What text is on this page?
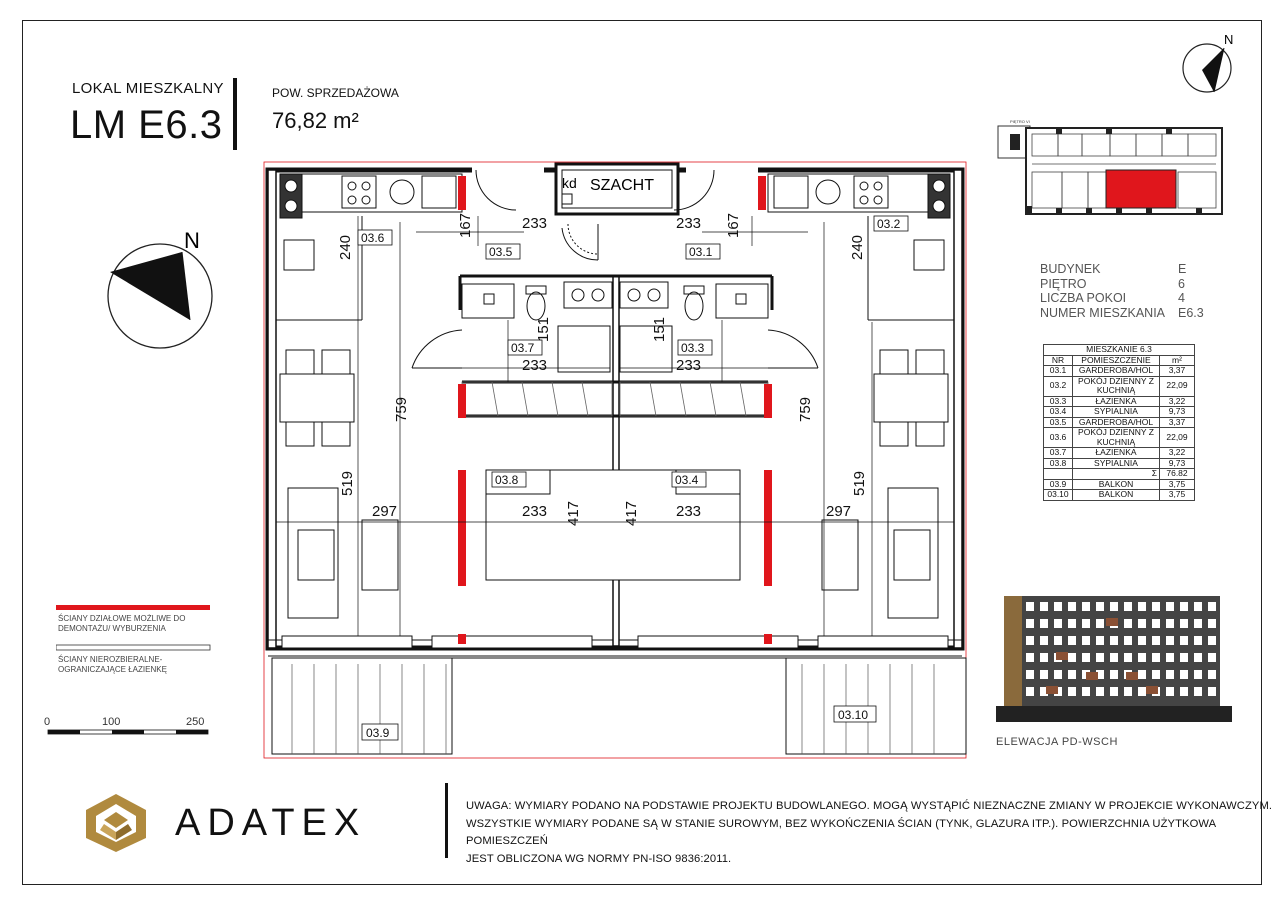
LOKAL MIESZKALNY
LM E6.3
POW. SPRZEDAŻOWA
76,82 m²
N
PIĘTRO VI
BUDYNEK	E
PIĘTRO	6
LICZBA POKOI	4
NUMER MIESZKANIA	E6.3
MIESZKANIE 6.3		
NR	POMIESZCZENIE	m²
03.1	GARDEROBA/HOL	3,37
03.2	POKÓJ DZIENNY Z KUCHNIĄ	22,09
03.3	ŁAZIENKA	3,22
03.4	SYPIALNIA	9,73
03.5	GARDEROBA/HOL	3,37
03.6	POKÓJ DZIENNY Z KUCHNIĄ	22,09
03.7	ŁAZIENKA	3,22
03.8	SYPIALNIA	9,73
	Σ	76.82
03.9	BALKON	3,75
03.10	BALKON	3,75
N
kd SZACHT
03.6
03.5	03.1
03.2
03.7	03.3
03.8	03.4
240
167	233	233 167
240
151	151
233	233
759	759
519	519
297	297
233	233
417	417
03.9
03.10
ŚCIANY DZIAŁOWE MOŻLIWE DO DEMONTAŻU/ WYBURZENIA
ŚCIANY NIEROZBIERALNE-OGRANICZAJĄCE ŁAZIENKĘ
0	100	250
ELEWACJA PD-WSCH
ADATEX	UWAGA: WYMIARY PODANO NA PODSTAWIE PROJEKTU BUDOWLANEGO. MOGĄ WYSTĄPIĆ NIEZNACZNE ZMIANY W PROJEKCIE WYKONAWCZYM.
WSZYSTKIE WYMIARY PODANE SĄ W STANIE SUROWYM, BEZ WYKOŃCZENIA ŚCIAN (TYNK, GLAZURA ITP.). POWIERZCHNIA UŻYTKOWA POMIESZCZEŃ
JEST OBLICZONA WG NORMY PN-ISO 9836:2011.
